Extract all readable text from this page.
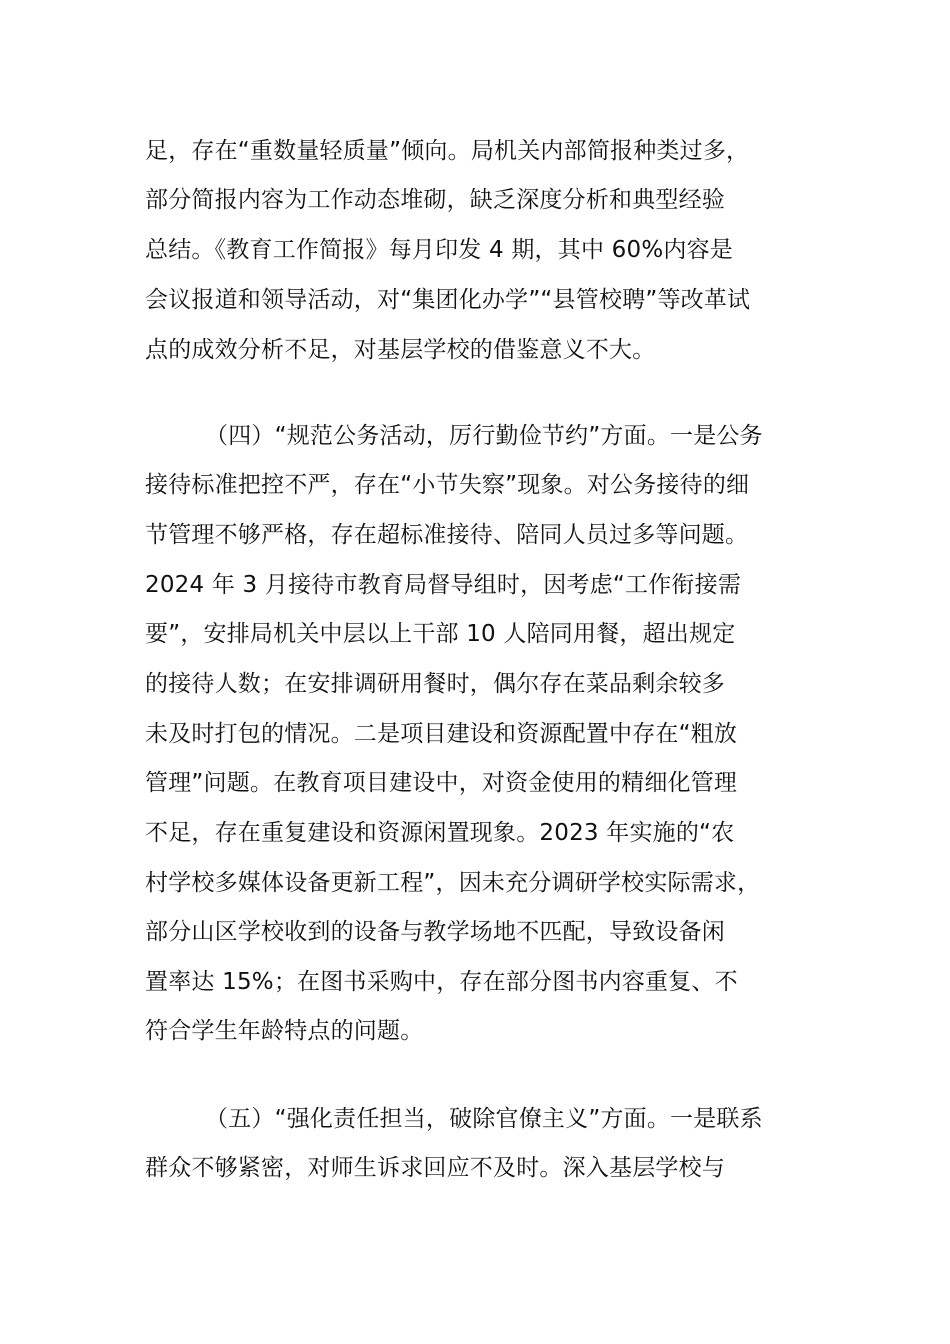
足，存在“重数量轻质量”倾向。局机关内部简报种类过多，
部分简报内容为工作动态堆砌，缺乏深度分析和典型经验
总结。《教育工作简报》每月印发 4 期，其中 60%内容是
会议报道和领导活动，对“集团化办学”“县管校聘”等改革试
点的成效分析不足，对基层学校的借鉴意义不大。
（四）“规范公务活动，厉行勤俭节约”方面。一是公务
接待标准把控不严，存在“小节失察”现象。对公务接待的细
节管理不够严格，存在超标准接待、陪同人员过多等问题。
2024 年 3 月接待市教育局督导组时，因考虑“工作衔接需
要”，安排局机关中层以上干部 10 人陪同用餐，超出规定
的接待人数；在安排调研用餐时，偶尔存在菜品剩余较多
未及时打包的情况。二是项目建设和资源配置中存在“粗放
管理”问题。在教育项目建设中，对资金使用的精细化管理
不足，存在重复建设和资源闲置现象。2023 年实施的“农
村学校多媒体设备更新工程”，因未充分调研学校实际需求，
部分山区学校收到的设备与教学场地不匹配，导致设备闲
置率达 15%；在图书采购中，存在部分图书内容重复、不
符合学生年龄特点的问题。
（五）“强化责任担当，破除官僚主义”方面。一是联系
群众不够紧密，对师生诉求回应不及时。深入基层学校与
